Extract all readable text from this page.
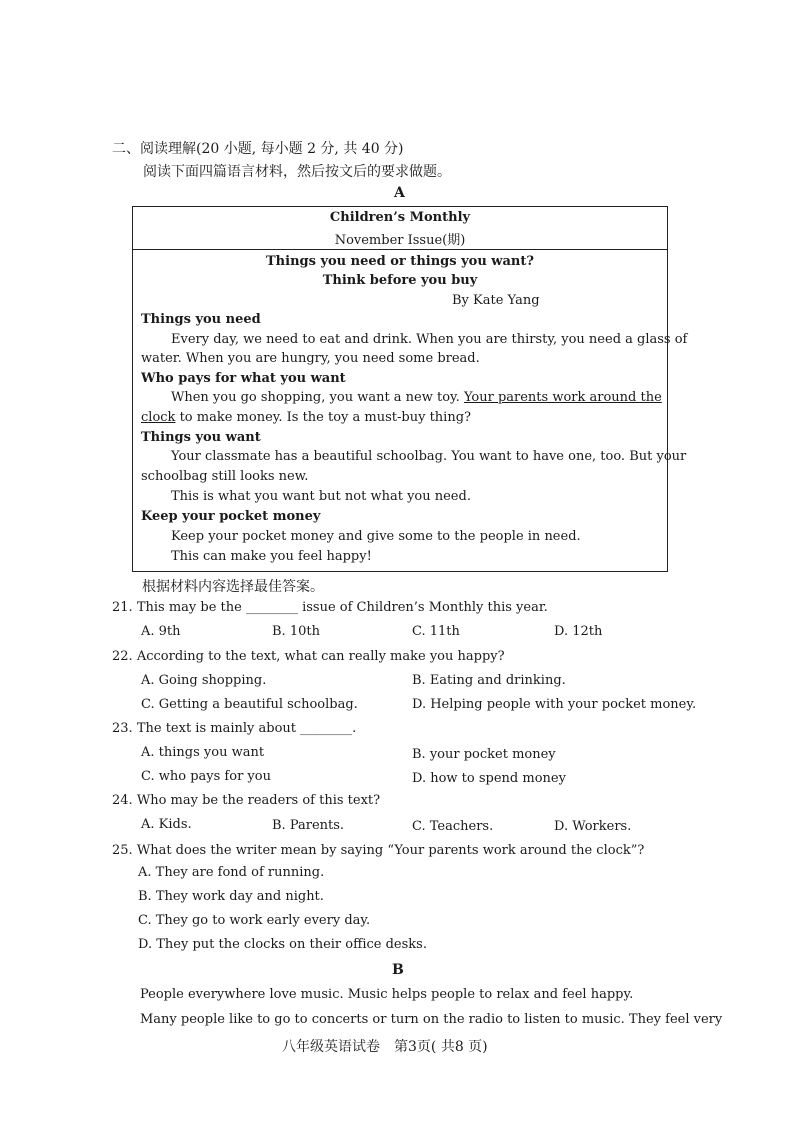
二、阅读理解(20 小题, 每小题 2 分, 共 40 分)
阅读下面四篇语言材料，然后按文后的要求做题。
A
Children’s Monthly
November Issue(期)
Things you need or things you want?
Think before you buy
By Kate Yang
Things you need
Every day, we need to eat and drink. When you are thirsty, you need a glass of
water. When you are hungry, you need some bread.
Who pays for what you want
When you go shopping, you want a new toy. Your parents work around the
clock to make money. Is the toy a must-buy thing?
Things you want
Your classmate has a beautiful schoolbag. You want to have one, too. But your
schoolbag still looks new.
This is what you want but not what you need.
Keep your pocket money
Keep your pocket money and give some to the people in need.
This can make you feel happy!
根据材料内容选择最佳答案。
21. This may be the ________ issue of Children’s Monthly this year.
A. 9th	B. 10th	C. 11th	D. 12th
22. According to the text, what can really make you happy?
A. Going shopping.	B. Eating and drinking.
C. Getting a beautiful schoolbag.	D. Helping people with your pocket money.
23. The text is mainly about ________.
A. things you want	B. your pocket money
C. who pays for you	D. how to spend money
24. Who may be the readers of this text?
A. Kids.	B. Parents.	C. Teachers.	D. Workers.
25. What does the writer mean by saying “Your parents work around the clock”?
A. They are fond of running.
B. They work day and night.
C. They go to work early every day.
D. They put the clocks on their office desks.
B
People everywhere love music. Music helps people to relax and feel happy.
Many people like to go to concerts or turn on the radio to listen to music. They feel very
八年级英语试卷　第3页( 共8 页)
